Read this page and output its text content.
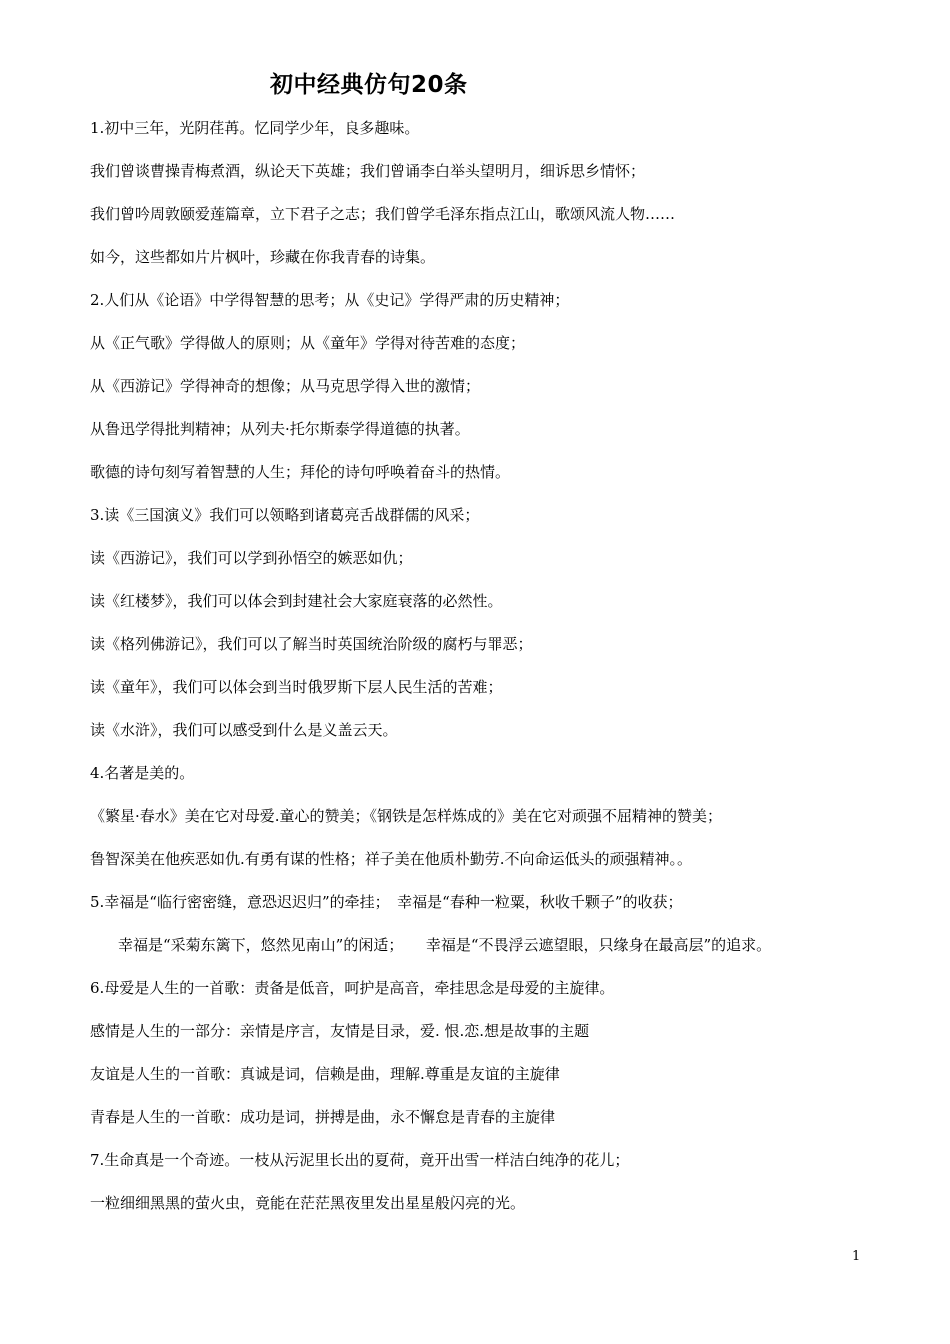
初中经典仿句20条
1.初中三年，光阴荏苒。忆同学少年，良多趣味。
我们曾谈曹操青梅煮酒，纵论天下英雄；我们曾诵李白举头望明月，细诉思乡情怀；
我们曾吟周敦颐爱莲篇章，立下君子之志；我们曾学毛泽东指点江山，歌颂风流人物……
如今，这些都如片片枫叶，珍藏在你我青春的诗集。
2.人们从《论语》中学得智慧的思考；从《史记》学得严肃的历史精神；
从《正气歌》学得做人的原则；从《童年》学得对待苦难的态度；
从《西游记》学得神奇的想像；从马克思学得入世的激情；
从鲁迅学得批判精神；从列夫·托尔斯泰学得道德的执著。
歌德的诗句刻写着智慧的人生；拜伦的诗句呼唤着奋斗的热情。
3.读《三国演义》我们可以领略到诸葛亮舌战群儒的风采；
读《西游记》，我们可以学到孙悟空的嫉恶如仇；
读《红楼梦》，我们可以体会到封建社会大家庭衰落的必然性。
读《格列佛游记》，我们可以了解当时英国统治阶级的腐朽与罪恶；
读《童年》，我们可以体会到当时俄罗斯下层人民生活的苦难；
读《水浒》，我们可以感受到什么是义盖云天。
4.名著是美的。
《繁星·春水》美在它对母爱.童心的赞美；《钢铁是怎样炼成的》美在它对顽强不屈精神的赞美；
鲁智深美在他疾恶如仇.有勇有谋的性格；祥子美在他质朴勤劳.不向命运低头的顽强精神。。
5.幸福是“临行密密缝，意恐迟迟归”的牵挂；　幸福是“春种一粒粟，秋收千颗子”的收获；
幸福是“采菊东篱下，悠然见南山”的闲适；　　幸福是“不畏浮云遮望眼，只缘身在最高层”的追求。
6.母爱是人生的一首歌：责备是低音，呵护是高音，牵挂思念是母爱的主旋律。
感情是人生的一部分：亲情是序言，友情是目录，爱. 恨.恋.想是故事的主题
友谊是人生的一首歌：真诚是词，信赖是曲，理解.尊重是友谊的主旋律
青春是人生的一首歌：成功是词，拼搏是曲，永不懈怠是青春的主旋律
7.生命真是一个奇迹。一枝从污泥里长出的夏荷，竟开出雪一样洁白纯净的花儿；
一粒细细黑黑的萤火虫，竟能在茫茫黑夜里发出星星般闪亮的光。
1
